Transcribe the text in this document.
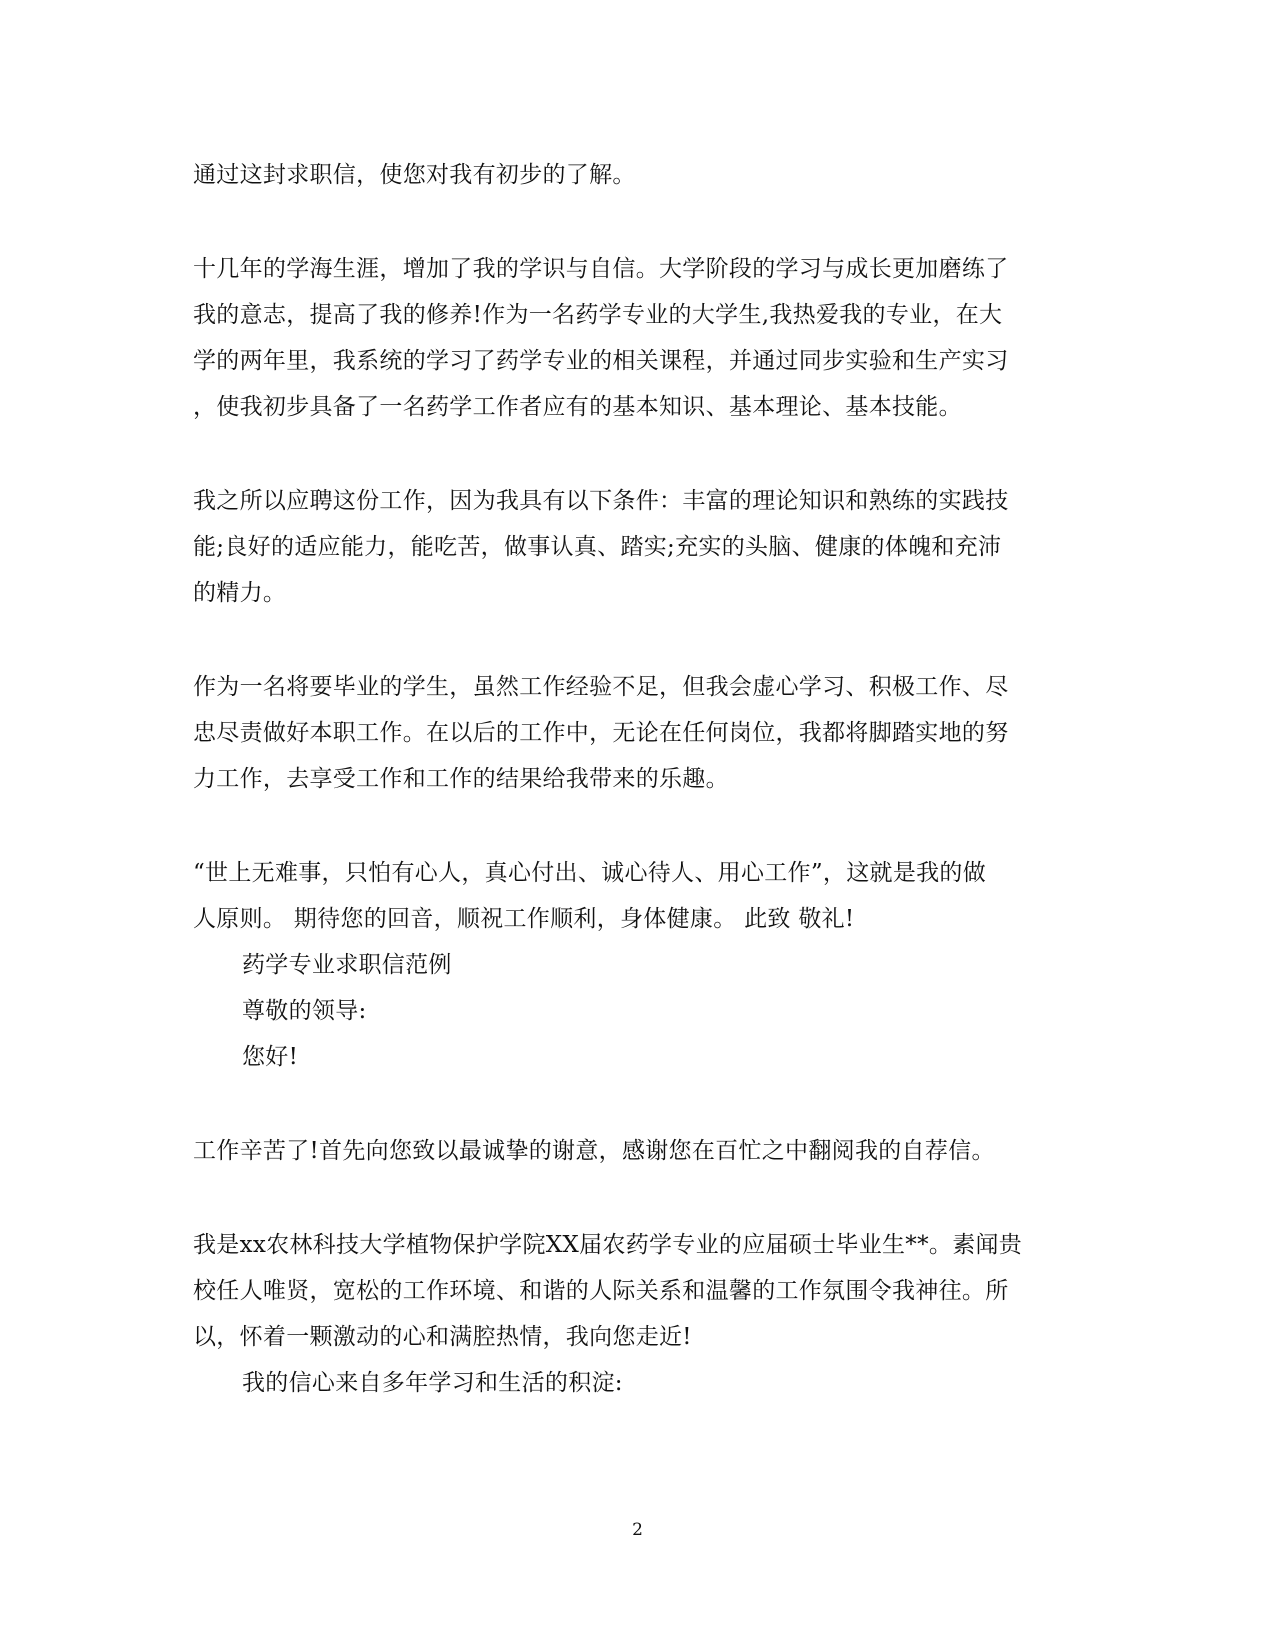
通过这封求职信，使您对我有初步的了解。
十几年的学海生涯，增加了我的学识与自信。大学阶段的学习与成长更加磨练了
我的意志，提高了我的修养!作为一名药学专业的大学生,我热爱我的专业，在大
学的两年里，我系统的学习了药学专业的相关课程，并通过同步实验和生产实习
，使我初步具备了一名药学工作者应有的基本知识、基本理论、基本技能。
我之所以应聘这份工作，因为我具有以下条件：丰富的理论知识和熟练的实践技
能;良好的适应能力，能吃苦，做事认真、踏实;充实的头脑、健康的体魄和充沛
的精力。
作为一名将要毕业的学生，虽然工作经验不足，但我会虚心学习、积极工作、尽
忠尽责做好本职工作。在以后的工作中，无论在任何岗位，我都将脚踏实地的努
力工作，去享受工作和工作的结果给我带来的乐趣。
“世上无难事，只怕有心人，真心付出、诚心待人、用心工作”，这就是我的做
人原则。 期待您的回音，顺祝工作顺利，身体健康。 此致 敬礼!
药学专业求职信范例
尊敬的领导:
您好!
工作辛苦了!首先向您致以最诚挚的谢意，感谢您在百忙之中翻阅我的自荐信。
我是xx农林科技大学植物保护学院XX届农药学专业的应届硕士毕业生**。素闻贵
校任人唯贤，宽松的工作环境、和谐的人际关系和温馨的工作氛围令我神往。所
以，怀着一颗激动的心和满腔热情，我向您走近!
我的信心来自多年学习和生活的积淀:
2
